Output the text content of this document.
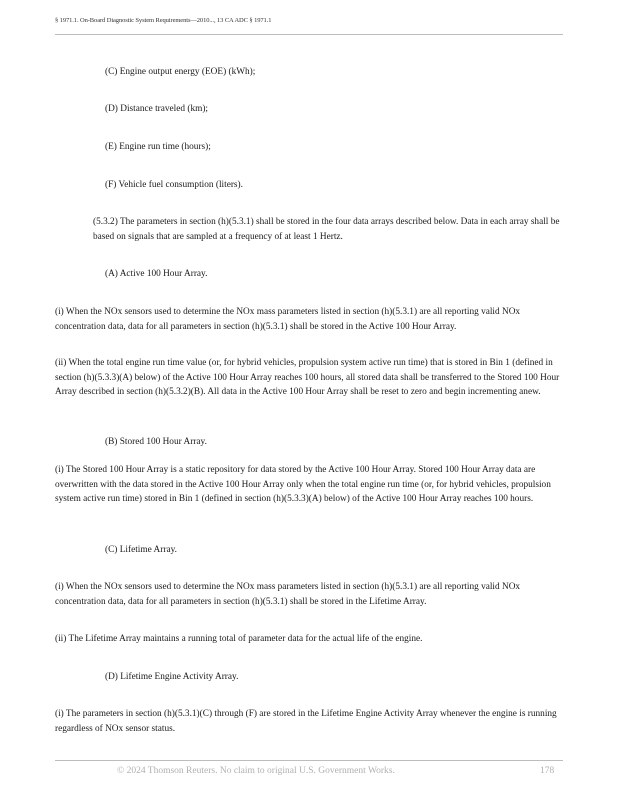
§ 1971.1. On-Board Diagnostic System Requirements—2010..., 13 CA ADC § 1971.1
(C) Engine output energy (EOE) (kWh);
(D) Distance traveled (km);
(E) Engine run time (hours);
(F) Vehicle fuel consumption (liters).
(5.3.2) The parameters in section (h)(5.3.1) shall be stored in the four data arrays described below. Data in each array shall be based on signals that are sampled at a frequency of at least 1 Hertz.
(A) Active 100 Hour Array.
(i) When the NOx sensors used to determine the NOx mass parameters listed in section (h)(5.3.1) are all reporting valid NOx concentration data, data for all parameters in section (h)(5.3.1) shall be stored in the Active 100 Hour Array.
(ii) When the total engine run time value (or, for hybrid vehicles, propulsion system active run time) that is stored in Bin 1 (defined in section (h)(5.3.3)(A) below) of the Active 100 Hour Array reaches 100 hours, all stored data shall be transferred to the Stored 100 Hour Array described in section (h)(5.3.2)(B). All data in the Active 100 Hour Array shall be reset to zero and begin incrementing anew.
(B) Stored 100 Hour Array.
(i) The Stored 100 Hour Array is a static repository for data stored by the Active 100 Hour Array. Stored 100 Hour Array data are overwritten with the data stored in the Active 100 Hour Array only when the total engine run time (or, for hybrid vehicles, propulsion system active run time) stored in Bin 1 (defined in section (h)(5.3.3)(A) below) of the Active 100 Hour Array reaches 100 hours.
(C) Lifetime Array.
(i) When the NOx sensors used to determine the NOx mass parameters listed in section (h)(5.3.1) are all reporting valid NOx concentration data, data for all parameters in section (h)(5.3.1) shall be stored in the Lifetime Array.
(ii) The Lifetime Array maintains a running total of parameter data for the actual life of the engine.
(D) Lifetime Engine Activity Array.
(i) The parameters in section (h)(5.3.1)(C) through (F) are stored in the Lifetime Engine Activity Array whenever the engine is running regardless of NOx sensor status.
© 2024 Thomson Reuters. No claim to original U.S. Government Works.	178
